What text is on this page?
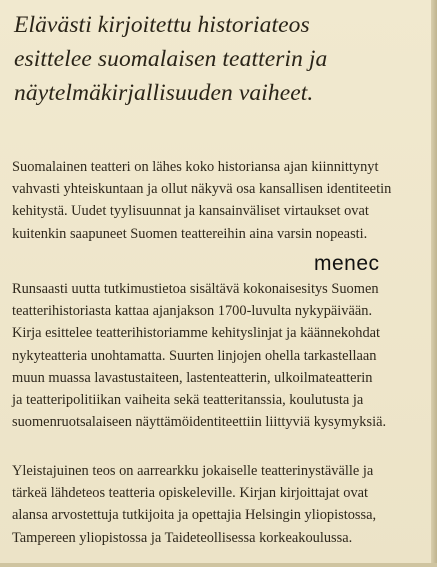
Elävästi kirjoitettu historiateos
esittelee suomalaisen teatterin ja
näytelmäkirjallisuuden vaiheet.
Suomalainen teatteri on lähes koko historiansa ajan kiinnittynyt
vahvasti yhteiskuntaan ja ollut näkyvä osa kansallisen identiteetin
kehitystä. Uudet tyylisuunnat ja kansainväliset virtaukset ovat
kuitenkin saapuneet Suomen teattereihin aina varsin nopeasti.
menec
Runsaasti uutta tutkimustietoa sisältävä kokonaisesitys Suomen
teatterihistoriasta kattaa ajanjakson 1700-luvulta nykypäivään.
Kirja esittelee teatterihistoriamme kehityslinjat ja käännekohdat
nykyteatteria unohtamatta. Suurten linjojen ohella tarkastellaan
muun muassa lavastustaiteen, lastenteatterin, ulkoilmateatterin
ja teatteripolitiikan vaiheita sekä teatteritanssia, koulutusta ja
suomenruotsalaiseen näyttämöidentiteettiin liittyviä kysymyksiä.
Yleistajuinen teos on aarrearkku jokaiselle teatterinystävälle ja
tärkeä lähdeteos teatteria opiskeleville. Kirjan kirjoittajat ovat
alansa arvostettuja tutkijoita ja opettajia Helsingin yliopistossa,
Tampereen yliopistossa ja Taideteollisessa korkeakoulussa.
